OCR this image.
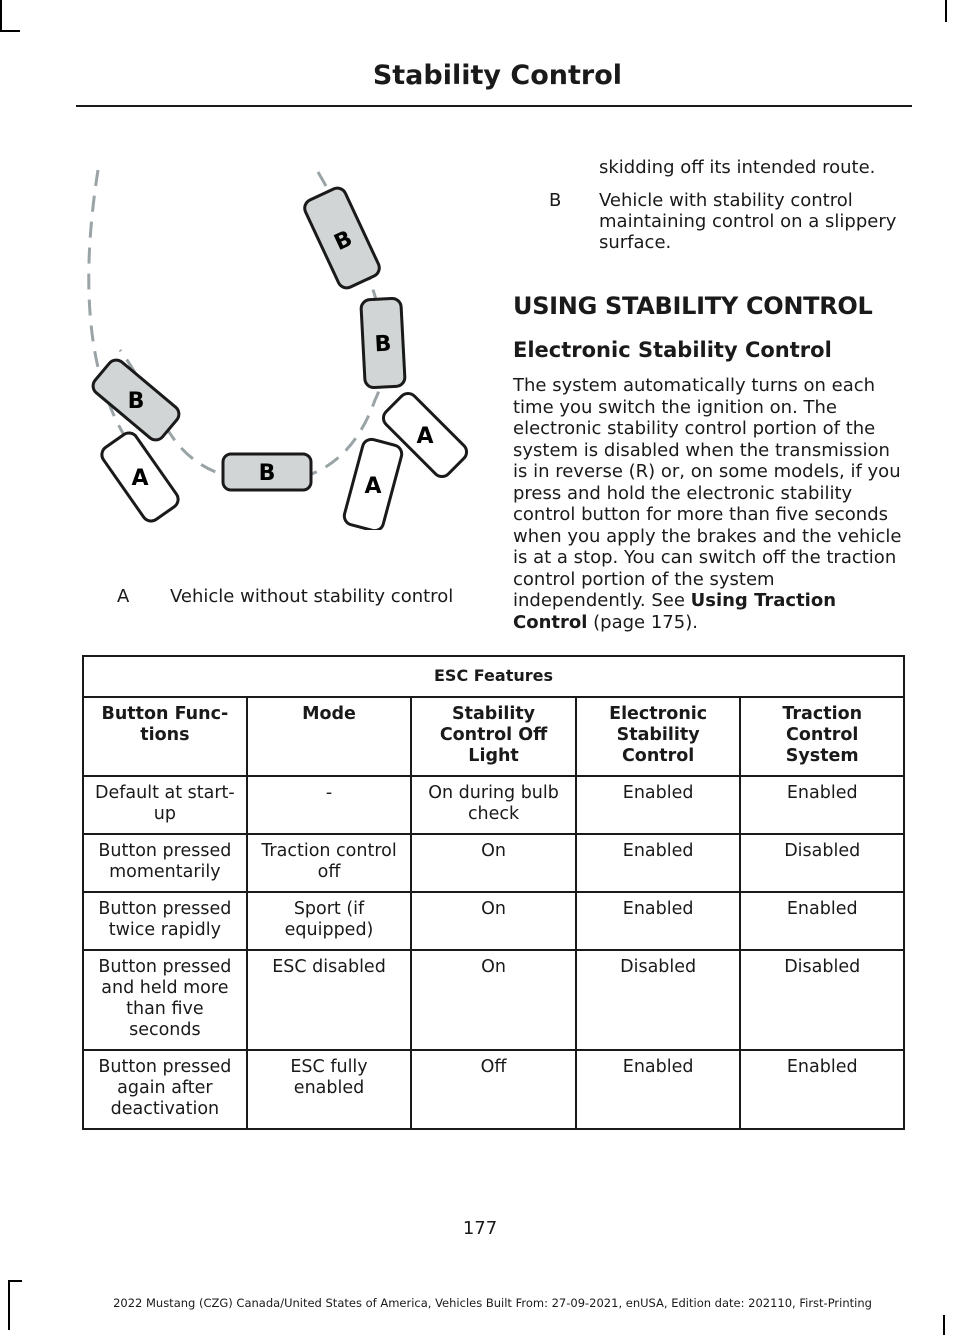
Stability Control
B
B
B
B
A	A
A
A Vehicle without stability control
skidding off its intended route.
B Vehicle with stability control maintaining control on a slippery surface.
USING STABILITY CONTROL
Electronic Stability Control
The system automatically turns on each time you switch the ignition on. The electronic stability control portion of the system is disabled when the transmission is in reverse (R) or, on some models, if you press and hold the electronic stability control button for more than five seconds when you apply the brakes and the vehicle is at a stop. You can switch off the traction control portion of the system independently. See Using Traction Control (page 175).
ESC Features				
Button Func-tions	Mode	Stability Control Off Light	Electronic Stability Control	Traction Control System
Default at start-up	-	On during bulb check	Enabled	Enabled
Button pressed momentarily	Traction control off	On	Enabled	Disabled
Button pressed twice rapidly	Sport (if equipped)	On	Enabled	Enabled
Button pressed and held more than five seconds	ESC disabled	On	Disabled	Disabled
Button pressed again after deactivation	ESC fully enabled	Off	Enabled	Enabled
177
2022 Mustang (CZG) Canada/United States of America, Vehicles Built From: 27-09-2021, enUSA, Edition date: 202110, First-Printing
